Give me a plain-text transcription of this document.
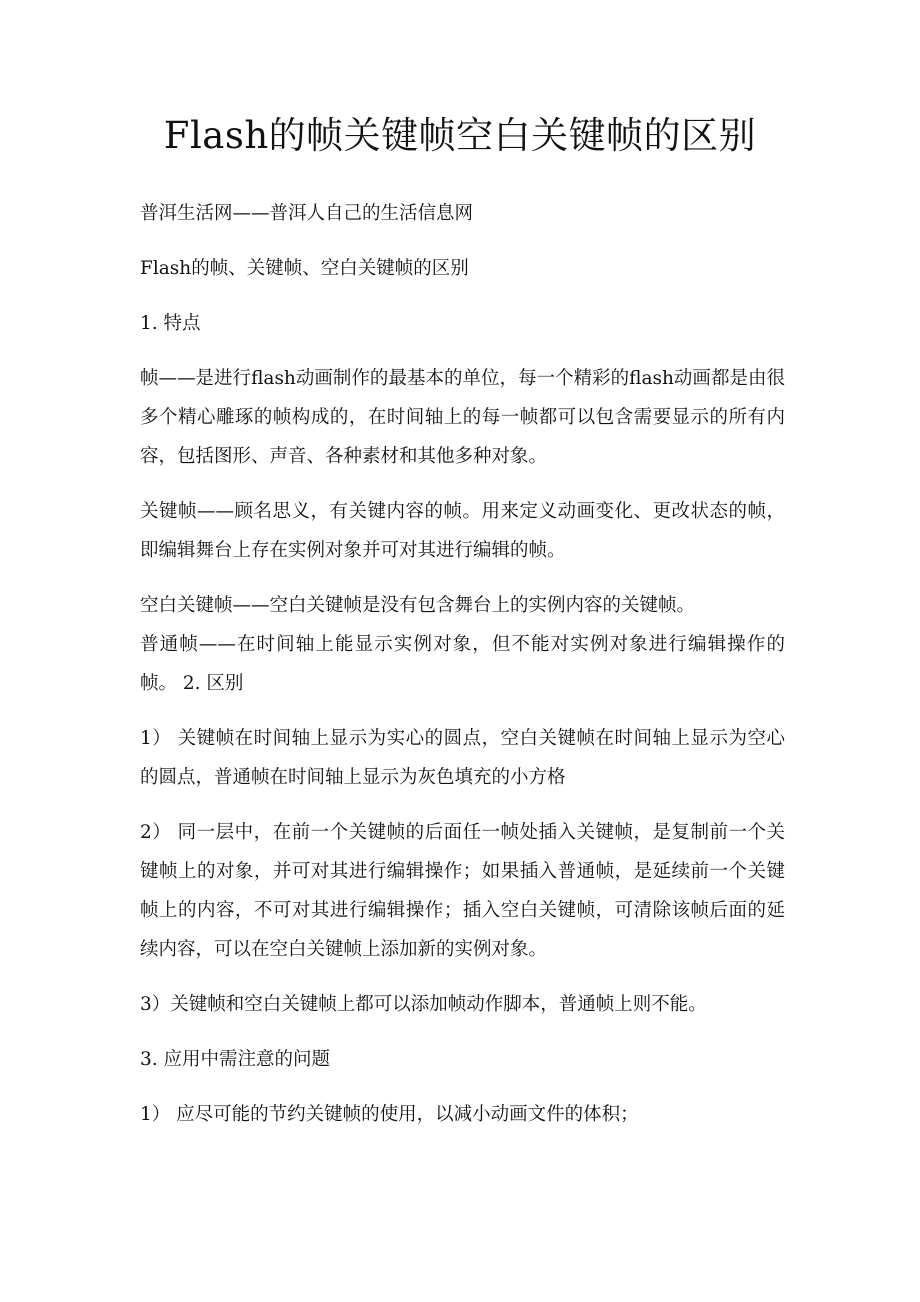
Flash的帧关键帧空白关键帧的区别

普洱生活网——普洱人自己的生活信息网

Flash的帧、关键帧、空白关键帧的区别

1. 特点

帧——是进行flash动画制作的最基本的单位，每一个精彩的flash动画都是由很多个精心雕琢的帧构成的，在时间轴上的每一帧都可以包含需要显示的所有内容，包括图形、声音、各种素材和其他多种对象。

关键帧——顾名思义，有关键内容的帧。用来定义动画变化、更改状态的帧，即编辑舞台上存在实例对象并可对其进行编辑的帧。

空白关键帧——空白关键帧是没有包含舞台上的实例内容的关键帧。

普通帧——在时间轴上能显示实例对象，但不能对实例对象进行编辑操作的帧。 2. 区别

1） 关键帧在时间轴上显示为实心的圆点，空白关键帧在时间轴上显示为空心的圆点，普通帧在时间轴上显示为灰色填充的小方格

2） 同一层中，在前一个关键帧的后面任一帧处插入关键帧，是复制前一个关键帧上的对象，并可对其进行编辑操作；如果插入普通帧，是延续前一个关键帧上的内容，不可对其进行编辑操作；插入空白关键帧，可清除该帧后面的延续内容，可以在空白关键帧上添加新的实例对象。

3）关键帧和空白关键帧上都可以添加帧动作脚本，普通帧上则不能。

3. 应用中需注意的问题

1） 应尽可能的节约关键帧的使用，以减小动画文件的体积；
